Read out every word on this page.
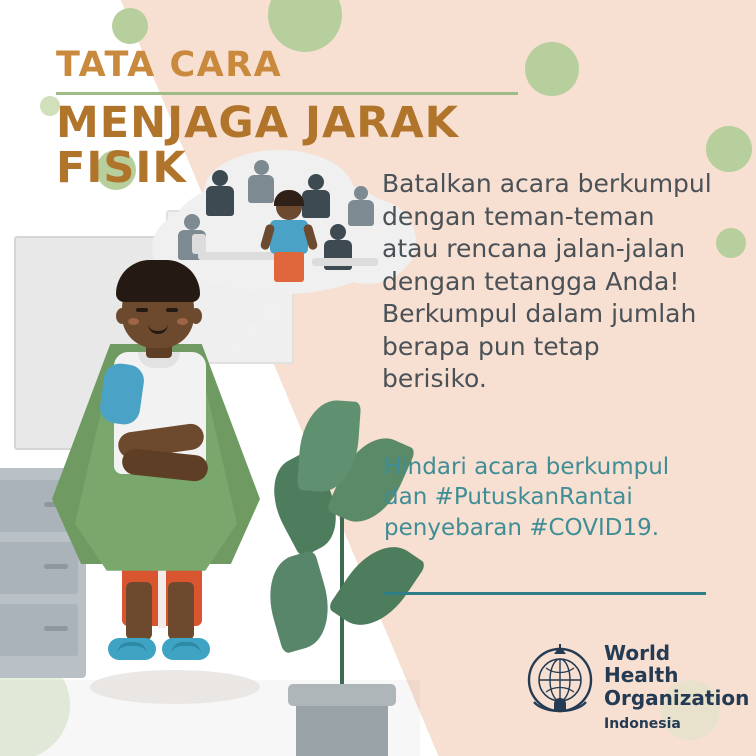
TATA CARA
MENJAGA JARAK FISIK	Batalkan acara berkumpul dengan teman-teman atau rencana jalan-jalan dengan tetangga Anda! Berkumpul dalam jumlah berapa pun tetap berisiko.
Hindari acara berkumpul dan #PutuskanRantai penyebaran #COVID19.
World Health
Organization
Indonesia
